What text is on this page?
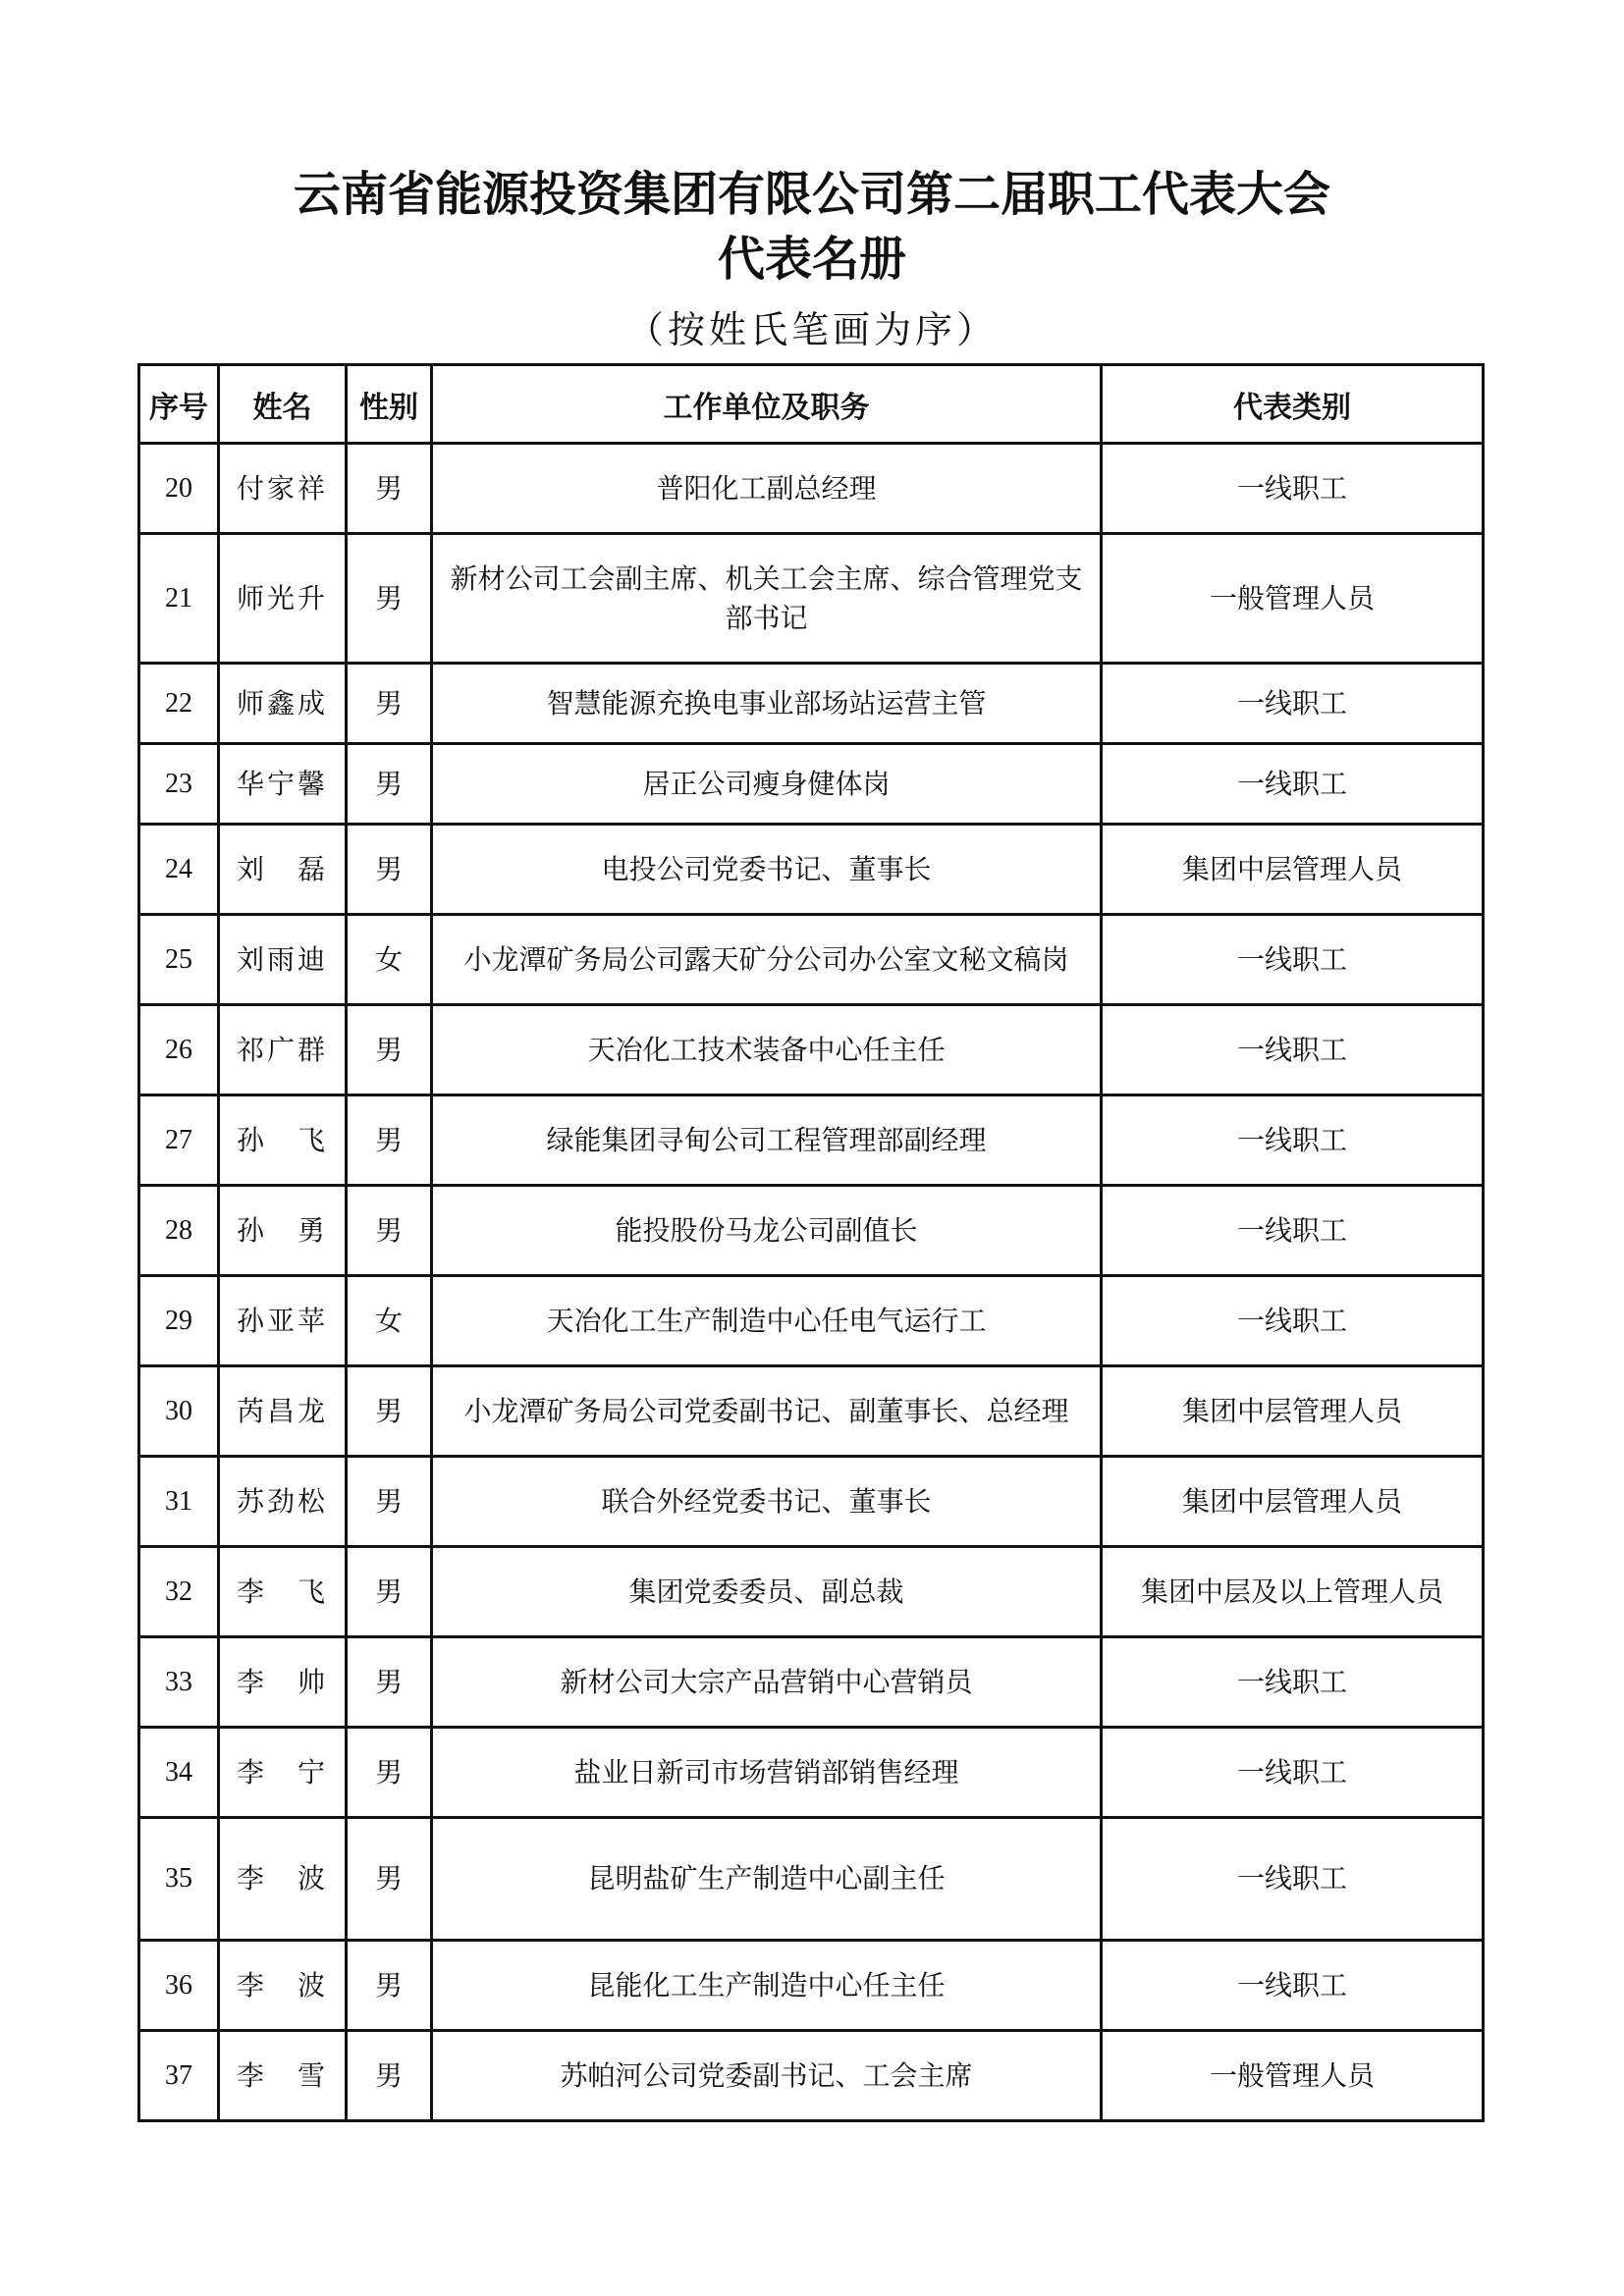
云南省能源投资集团有限公司第二届职工代表大会
代表名册
（按姓氏笔画为序）
序号	姓名	性别	工作单位及职务	代表类别
20	付家祥	男	普阳化工副总经理	一线职工
21	师光升	男	新材公司工会副主席、机关工会主席、综合管理党支部书记	一般管理人员
22	师鑫成	男	智慧能源充换电事业部场站运营主管	一线职工
23	华宁馨	男	居正公司瘦身健体岗	一线职工
24	刘　磊	男	电投公司党委书记、董事长	集团中层管理人员
25	刘雨迪	女	小龙潭矿务局公司露天矿分公司办公室文秘文稿岗	一线职工
26	祁广群	男	天冶化工技术装备中心任主任	一线职工
27	孙　飞	男	绿能集团寻甸公司工程管理部副经理	一线职工
28	孙　勇	男	能投股份马龙公司副值长	一线职工
29	孙亚苹	女	天冶化工生产制造中心任电气运行工	一线职工
30	芮昌龙	男	小龙潭矿务局公司党委副书记、副董事长、总经理	集团中层管理人员
31	苏劲松	男	联合外经党委书记、董事长	集团中层管理人员
32	李　飞	男	集团党委委员、副总裁	集团中层及以上管理人员
33	李　帅	男	新材公司大宗产品营销中心营销员	一线职工
34	李　宁	男	盐业日新司市场营销部销售经理	一线职工
35	李　波	男	昆明盐矿生产制造中心副主任	一线职工
36	李　波	男	昆能化工生产制造中心任主任	一线职工
37	李　雪	男	苏帕河公司党委副书记、工会主席	一般管理人员
